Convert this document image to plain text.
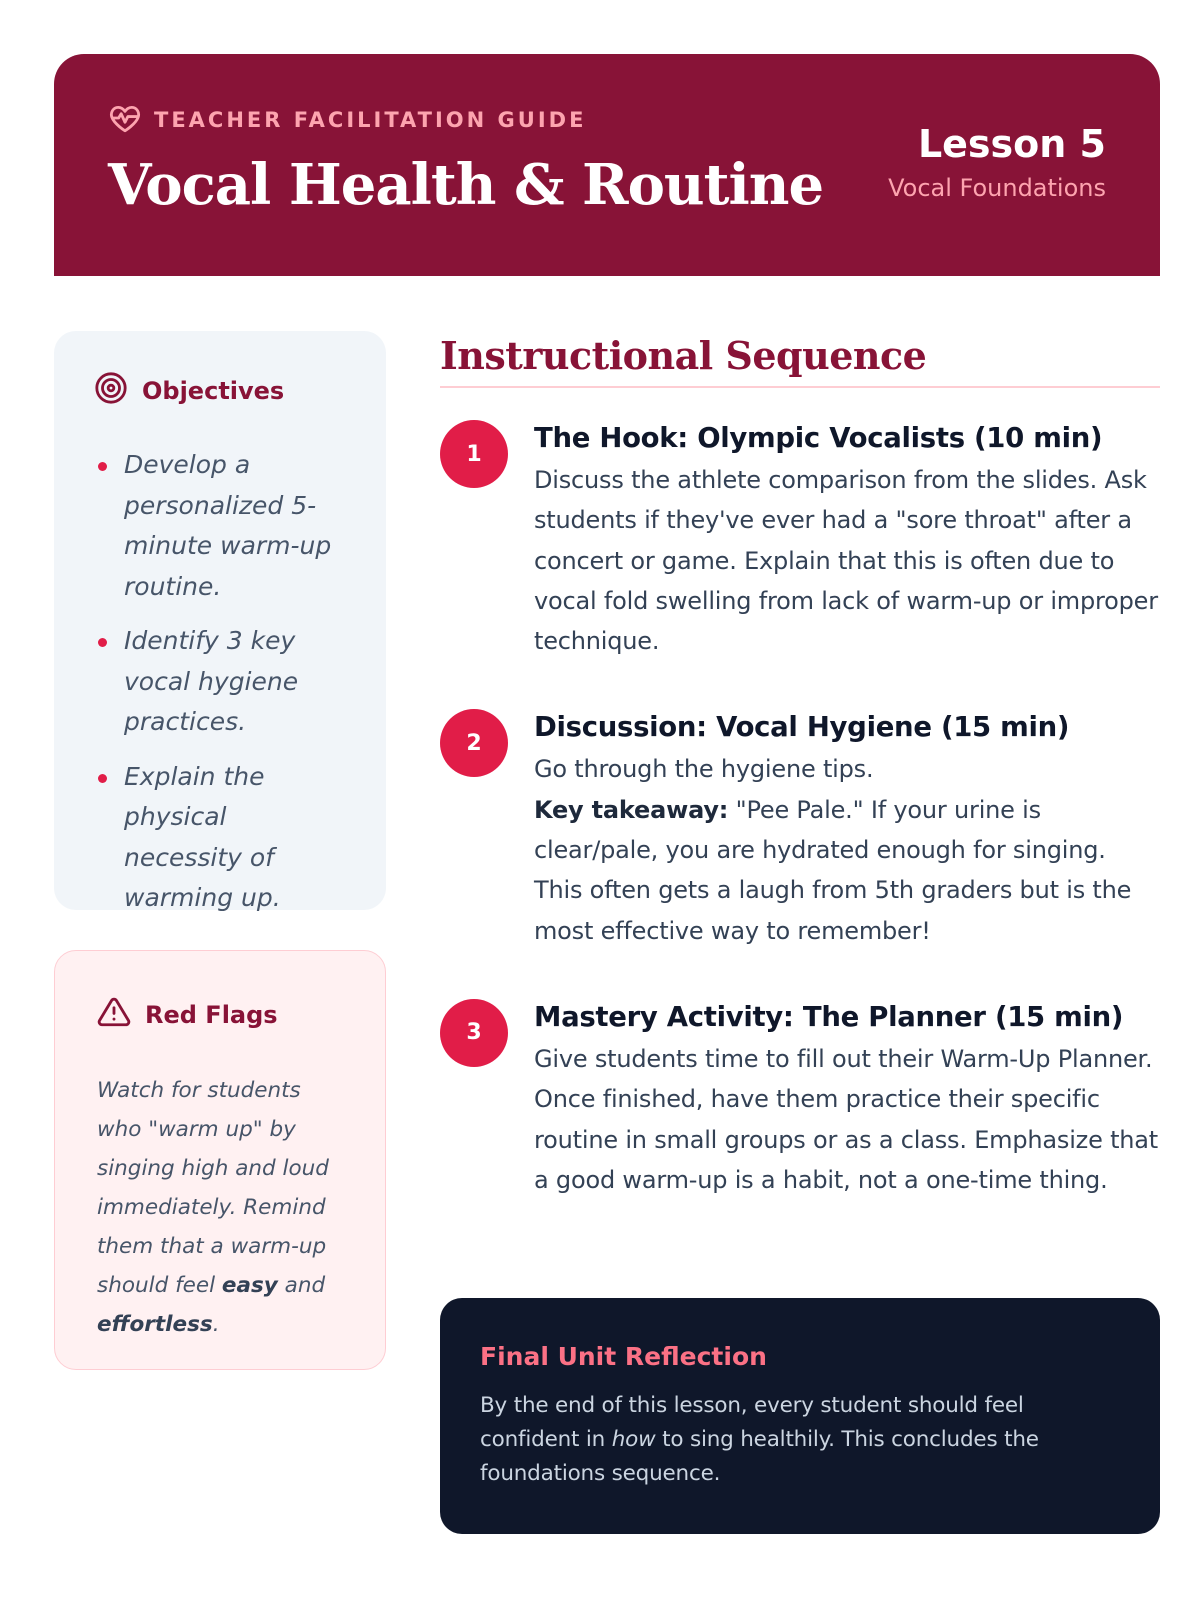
TEACHER FACILITATION GUIDE
Vocal Health & Routine
Lesson 5
Vocal Foundations
Objectives
Develop a personalized 5-minute warm-up routine.
Identify 3 key vocal hygiene practices.
Explain the physical necessity of warming up.
Red Flags

Watch for students who "warm up" by singing high and loud immediately. Remind them that a warm-up should feel easy and effortless.

Instructional Sequence
1	The Hook: Olympic Vocalists (10 min)

Discuss the athlete comparison from the slides. Ask students if they've ever had a "sore throat" after a concert or game. Explain that this is often due to vocal fold swelling from lack of warm-up or improper technique.

2	Discussion: Vocal Hygiene (15 min)

Go through the hygiene tips.
Key takeaway: "Pee Pale." If your urine is clear/pale, you are hydrated enough for singing. This often gets a laugh from 5th graders but is the most effective way to remember!

3	Mastery Activity: The Planner (15 min)

Give students time to fill out their Warm-Up Planner. Once finished, have them practice their specific routine in small groups or as a class. Emphasize that a good warm-up is a habit, not a one-time thing.

Final Unit Reflection

By the end of this lesson, every student should feel confident in how to sing healthily. This concludes the foundations sequence.
